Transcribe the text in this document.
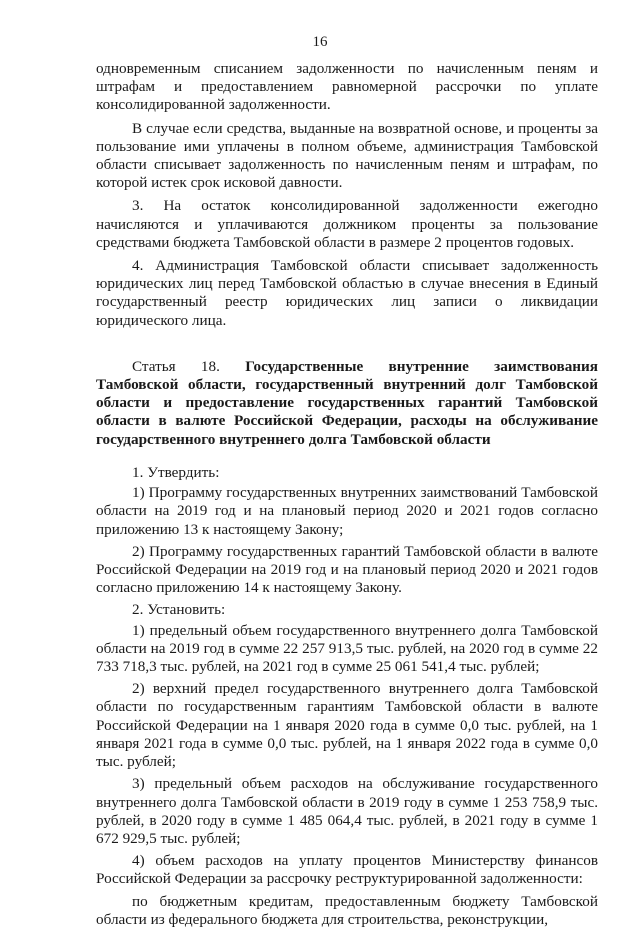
16

одновременным списанием задолженности по начисленным пеням и штрафам и предоставлением равномерной рассрочки по уплате консолидированной задолженности.

В случае если средства, выданные на возвратной основе, и проценты за пользование ими уплачены в полном объеме, администрация Тамбовской области списывает задолженность по начисленным пеням и штрафам, по которой истек срок исковой давности.

3. На остаток консолидированной задолженности ежегодно начисляются и уплачиваются должником проценты за пользование средствами бюджета Тамбовской области в размере 2 процентов годовых.

4. Администрация Тамбовской области списывает задолженность юридических лиц перед Тамбовской областью в случае внесения в Единый государственный реестр юридических лиц записи о ликвидации юридического лица.

Статья 18. Государственные внутренние заимствования Тамбовской области, государственный внутренний долг Тамбовской области и предоставление государственных гарантий Тамбовской области в валюте Российской Федерации, расходы на обслуживание государственного внутреннего долга Тамбовской области

1. Утвердить:

1) Программу государственных внутренних заимствований Тамбовской области на 2019 год и на плановый период 2020 и 2021 годов согласно приложению 13 к настоящему Закону;

2) Программу государственных гарантий Тамбовской области в валюте Российской Федерации на 2019 год и на плановый период 2020 и 2021 годов согласно приложению 14 к настоящему Закону.

2. Установить:

1) предельный объем государственного внутреннего долга Тамбовской области на 2019 год в сумме 22 257 913,5 тыс. рублей, на 2020 год в сумме 22 733 718,3 тыс. рублей, на 2021 год в сумме 25 061 541,4 тыс. рублей;

2) верхний предел государственного внутреннего долга Тамбовской области по государственным гарантиям Тамбовской области в валюте Российской Федерации на 1 января 2020 года в сумме 0,0 тыс. рублей, на 1 января 2021 года в сумме 0,0 тыс. рублей, на 1 января 2022 года в сумме 0,0 тыс. рублей;

3) предельный объем расходов на обслуживание государственного внутреннего долга Тамбовской области в 2019 году в сумме 1 253 758,9 тыс. рублей, в 2020 году в сумме 1 485 064,4 тыс. рублей, в 2021 году в сумме 1 672 929,5 тыс. рублей;

4) объем расходов на уплату процентов Министерству финансов Российской Федерации за рассрочку реструктурированной задолженности:

по бюджетным кредитам, предоставленным бюджету Тамбовской области из федерального бюджета для строительства, реконструкции,
